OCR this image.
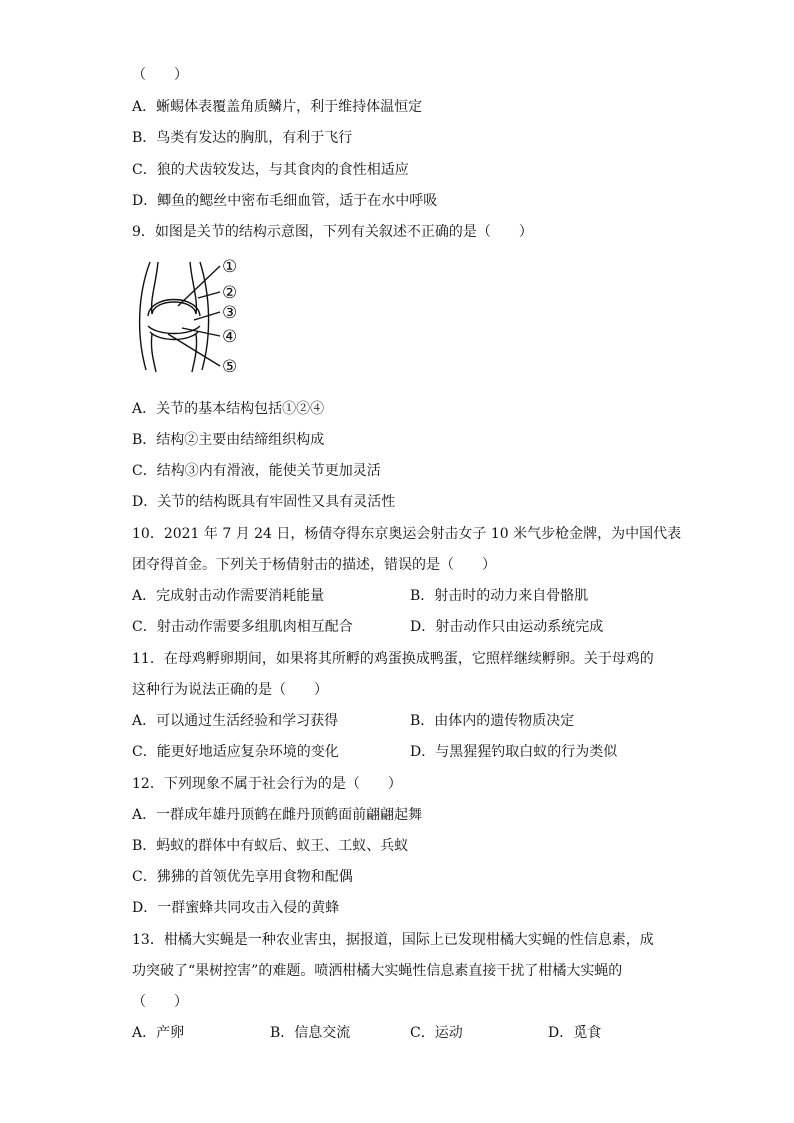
（　　）
A．蜥蜴体表覆盖角质鳞片，利于维持体温恒定
B．鸟类有发达的胸肌，有利于飞行
C．狼的犬齿较发达，与其食肉的食性相适应
D．鲫鱼的鳃丝中密布毛细血管，适于在水中呼吸
9．如图是关节的结构示意图，下列有关叙述不正确的是（　　）
①
②
③
④
⑤
A．关节的基本结构包括①②④
B．结构②主要由结缔组织构成
C．结构③内有滑液，能使关节更加灵活
D．关节的结构既具有牢固性又具有灵活性
10．2021 年 7 月 24 日，杨倩夺得东京奥运会射击女子 10 米气步枪金牌，为中国代表
团夺得首金。下列关于杨倩射击的描述，错误的是（　　）
A．完成射击动作需要消耗能量	B．射击时的动力来自骨骼肌
C．射击动作需要多组肌肉相互配合	D．射击动作只由运动系统完成
11．在母鸡孵卵期间，如果将其所孵的鸡蛋换成鸭蛋，它照样继续孵卵。关于母鸡的
这种行为说法正确的是（　　）
A．可以通过生活经验和学习获得	B．由体内的遗传物质决定
C．能更好地适应复杂环境的变化	D．与黑猩猩钓取白蚁的行为类似
12．下列现象不属于社会行为的是（　　）
A．一群成年雄丹顶鹤在雌丹顶鹤面前翩翩起舞
B．蚂蚁的群体中有蚁后、蚁王、工蚁、兵蚁
C．狒狒的首领优先享用食物和配偶
D．一群蜜蜂共同攻击入侵的黄蜂
13．柑橘大实蝇是一种农业害虫，据报道，国际上已发现柑橘大实蝇的性信息素，成
功突破了“果树控害”的难题。喷洒柑橘大实蝇性信息素直接干扰了柑橘大实蝇的
（　　）
A．产卵	B．信息交流	C．运动	D．觅食
